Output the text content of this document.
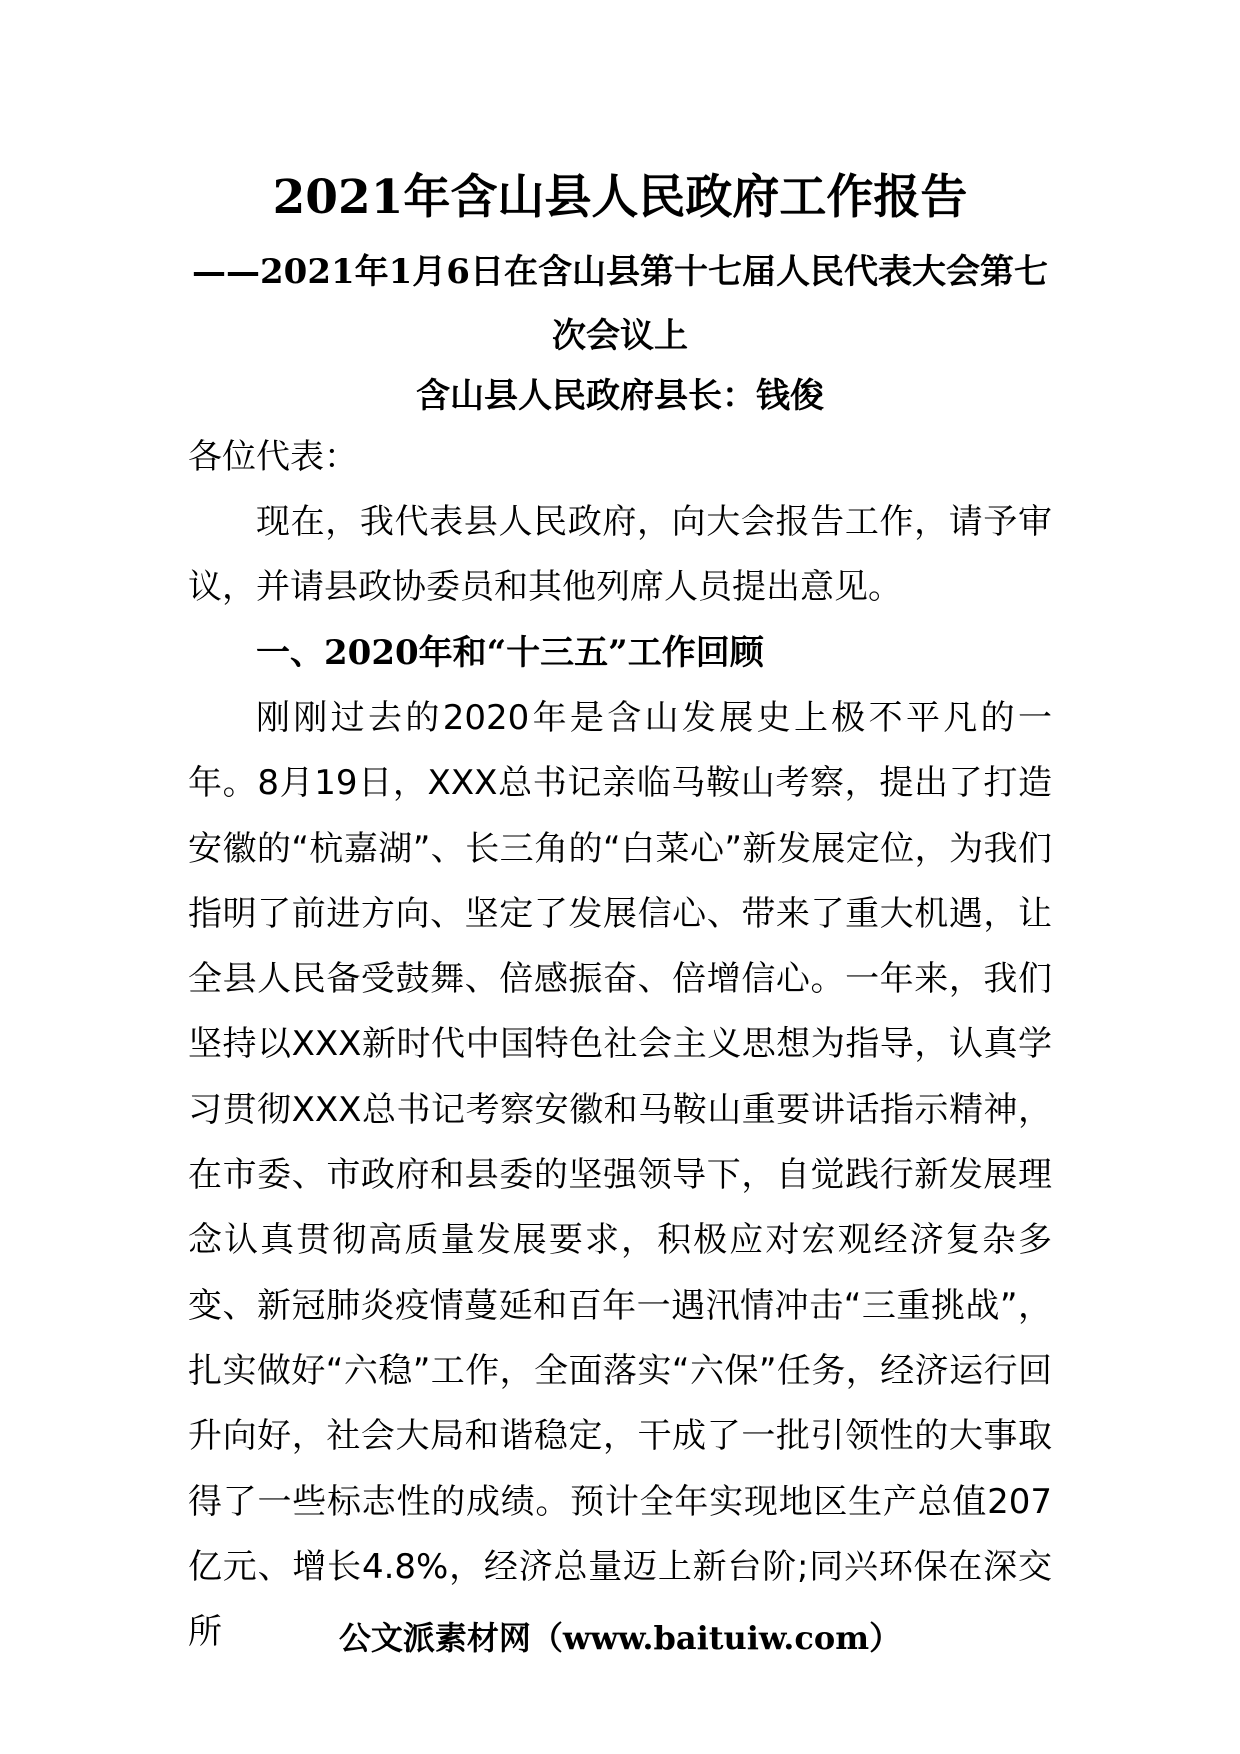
2021年含山县人民政府工作报告
——2021年1月6日在含山县第十七届人民代表大会第七次会议上
含山县人民政府县长：钱俊
各位代表：
现在，我代表县人民政府，向大会报告工作，请予审议，并请县政协委员和其他列席人员提出意见。
一、2020年和“十三五”工作回顾
刚刚过去的2020年是含山发展史上极不平凡的一年。8月19日，XXX总书记亲临马鞍山考察，提出了打造安徽的“杭嘉湖”、长三角的“白菜心”新发展定位，为我们指明了前进方向、坚定了发展信心、带来了重大机遇，让全县人民备受鼓舞、倍感振奋、倍增信心。一年来，我们坚持以XXX新时代中国特色社会主义思想为指导，认真学习贯彻XXX总书记考察安徽和马鞍山重要讲话指示精神，在市委、市政府和县委的坚强领导下，自觉践行新发展理念认真贯彻高质量发展要求，积极应对宏观经济复杂多变、新冠肺炎疫情蔓延和百年一遇汛情冲击“三重挑战”，扎实做好“六稳”工作，全面落实“六保”任务，经济运行回升向好，社会大局和谐稳定，干成了一批引领性的大事取得了一些标志性的成绩。预计全年实现地区生产总值207亿元、增长4.8%，经济总量迈上新台阶;同兴环保在深交所	公文派素材网（www.baituiw.com）
